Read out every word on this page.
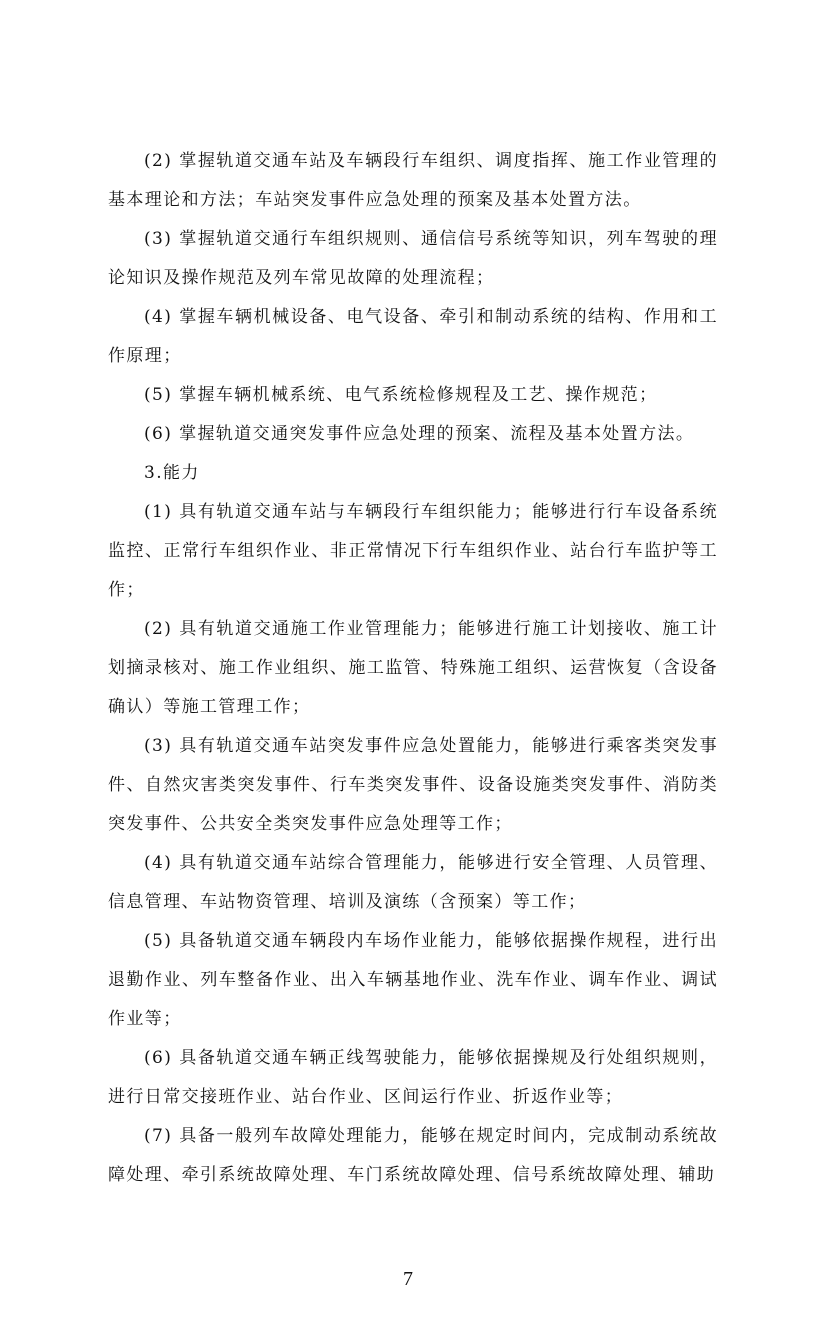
(2) 掌握轨道交通车站及车辆段行车组织、调度指挥、施工作业管理的基本理论和方法；车站突发事件应急处理的预案及基本处置方法。

(3) 掌握轨道交通行车组织规则、通信信号系统等知识，列车驾驶的理论知识及操作规范及列车常见故障的处理流程；

(4) 掌握车辆机械设备、电气设备、牵引和制动系统的结构、作用和工作原理；

(5) 掌握车辆机械系统、电气系统检修规程及工艺、操作规范；

(6) 掌握轨道交通突发事件应急处理的预案、流程及基本处置方法。

3.能力

(1) 具有轨道交通车站与车辆段行车组织能力；能够进行行车设备系统监控、正常行车组织作业、非正常情况下行车组织作业、站台行车监护等工作；

(2) 具有轨道交通施工作业管理能力；能够进行施工计划接收、施工计划摘录核对、施工作业组织、施工监管、特殊施工组织、运营恢复（含设备确认）等施工管理工作；

(3) 具有轨道交通车站突发事件应急处置能力，能够进行乘客类突发事件、自然灾害类突发事件、行车类突发事件、设备设施类突发事件、消防类突发事件、公共安全类突发事件应急处理等工作；

(4) 具有轨道交通车站综合管理能力，能够进行安全管理、人员管理、信息管理、车站物资管理、培训及演练（含预案）等工作；

(5) 具备轨道交通车辆段内车场作业能力，能够依据操作规程，进行出退勤作业、列车整备作业、出入车辆基地作业、洗车作业、调车作业、调试作业等；

(6) 具备轨道交通车辆正线驾驶能力，能够依据操规及行处组织规则，进行日常交接班作业、站台作业、区间运行作业、折返作业等；

(7) 具备一般列车故障处理能力，能够在规定时间内，完成制动系统故障处理、牵引系统故障处理、车门系统故障处理、信号系统故障处理、辅助

7
